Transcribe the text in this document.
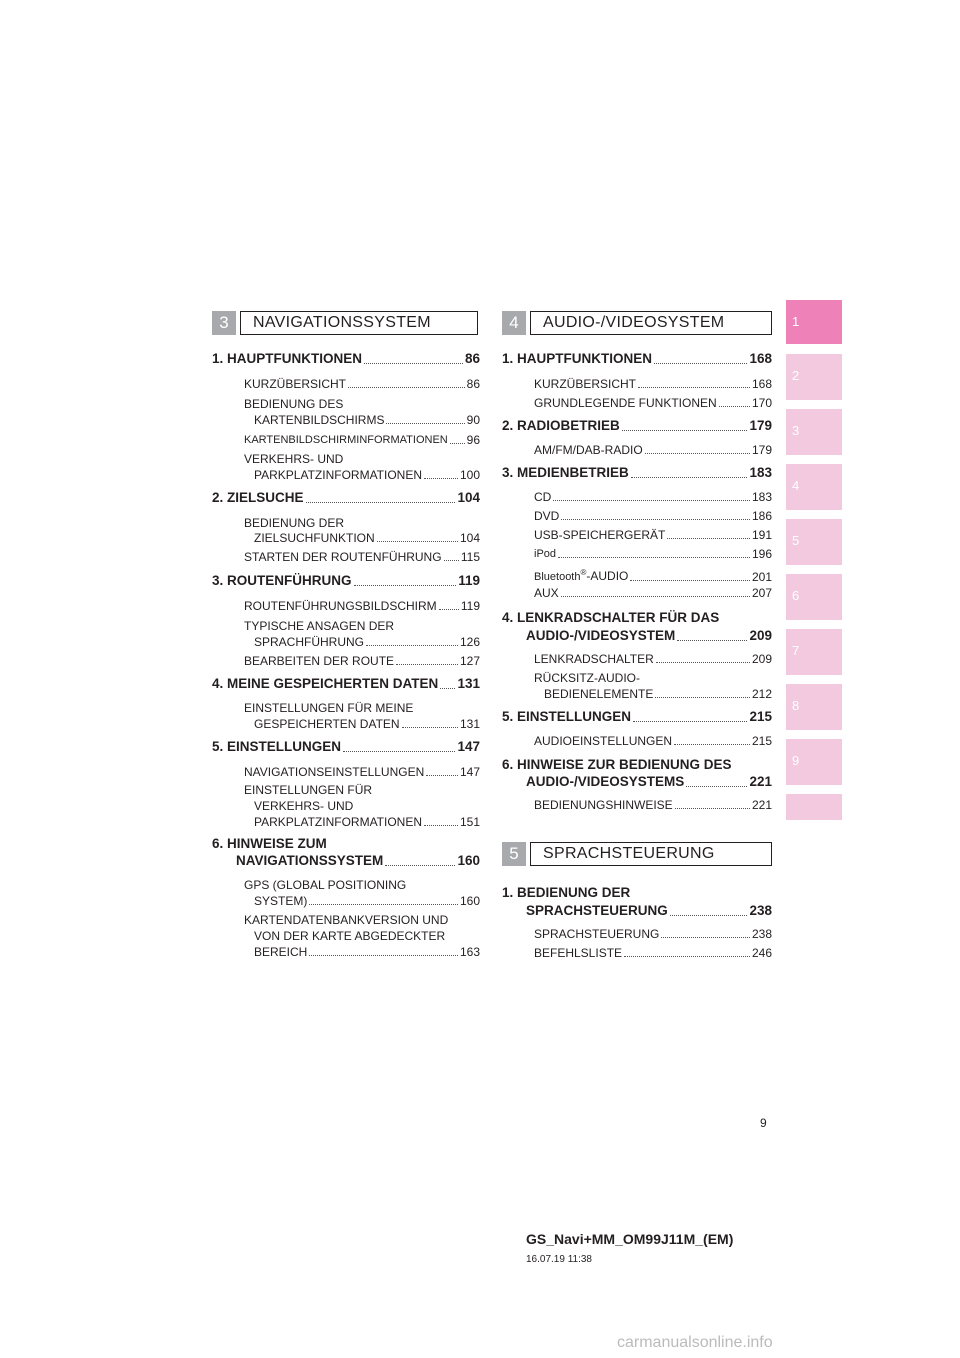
3	NAVIGATIONSSYSTEM	4	AUDIO-/VIDEOSYSTEM
5	SPRACHSTEUERUNG
1. HAUPTFUNKTIONEN	86
KURZÜBERSICHT	86
BEDIENUNG DES
KARTENBILDSCHIRMS	90
KARTENBILDSCHIRMINFORMATIONEN 96
VERKEHRS- UND
PARKPLATZINFORMATIONEN	100
2. ZIELSUCHE	104
BEDIENUNG DER
ZIELSUCHFUNKTION	104
STARTEN DER ROUTENFÜHRUNG 115
3. ROUTENFÜHRUNG	119
ROUTENFÜHRUNGSBILDSCHIRM 119
TYPISCHE ANSAGEN DER
SPRACHFÜHRUNG	126
BEARBEITEN DER ROUTE	127
4. MEINE GESPEICHERTEN DATEN 131
EINSTELLUNGEN FÜR MEINE
GESPEICHERTEN DATEN	131
5. EINSTELLUNGEN	147
NAVIGATIONSEINSTELLUNGEN	147
EINSTELLUNGEN FÜR
VERKEHRS- UND
PARKPLATZINFORMATIONEN	151
6. HINWEISE ZUM
NAVIGATIONSSYSTEM	160
GPS (GLOBAL POSITIONING
SYSTEM)	160
KARTENDATENBANKVERSION UND
VON DER KARTE ABGEDECKTER
BEREICH	163
1. HAUPTFUNKTIONEN	168
KURZÜBERSICHT	168
GRUNDLEGENDE FUNKTIONEN	170
2. RADIOBETRIEB	179
AM/FM/DAB-RADIO	179
3. MEDIENBETRIEB	183
CD	183
DVD	186
USB-SPEICHERGERÄT	191
iPod	196
Bluetooth®-AUDIO	201
AUX	207
4. LENKRADSCHALTER FÜR DAS
AUDIO-/VIDEOSYSTEM	209
LENKRADSCHALTER	209
RÜCKSITZ-AUDIO-
BEDIENELEMENTE	212
5. EINSTELLUNGEN	215
AUDIOEINSTELLUNGEN	215
6. HINWEISE ZUR BEDIENUNG DES
AUDIO-/VIDEOSYSTEMS	221
BEDIENUNGSHINWEISE	221
1. BEDIENUNG DER
SPRACHSTEUERUNG	238
SPRACHSTEUERUNG	238
BEFEHLSLISTE	246
1
2
3
4
5
6
7
8
9
9
GS_Navi+MM_OM99J11M_(EM)
16.07.19 11:38
carmanualsonline.info
